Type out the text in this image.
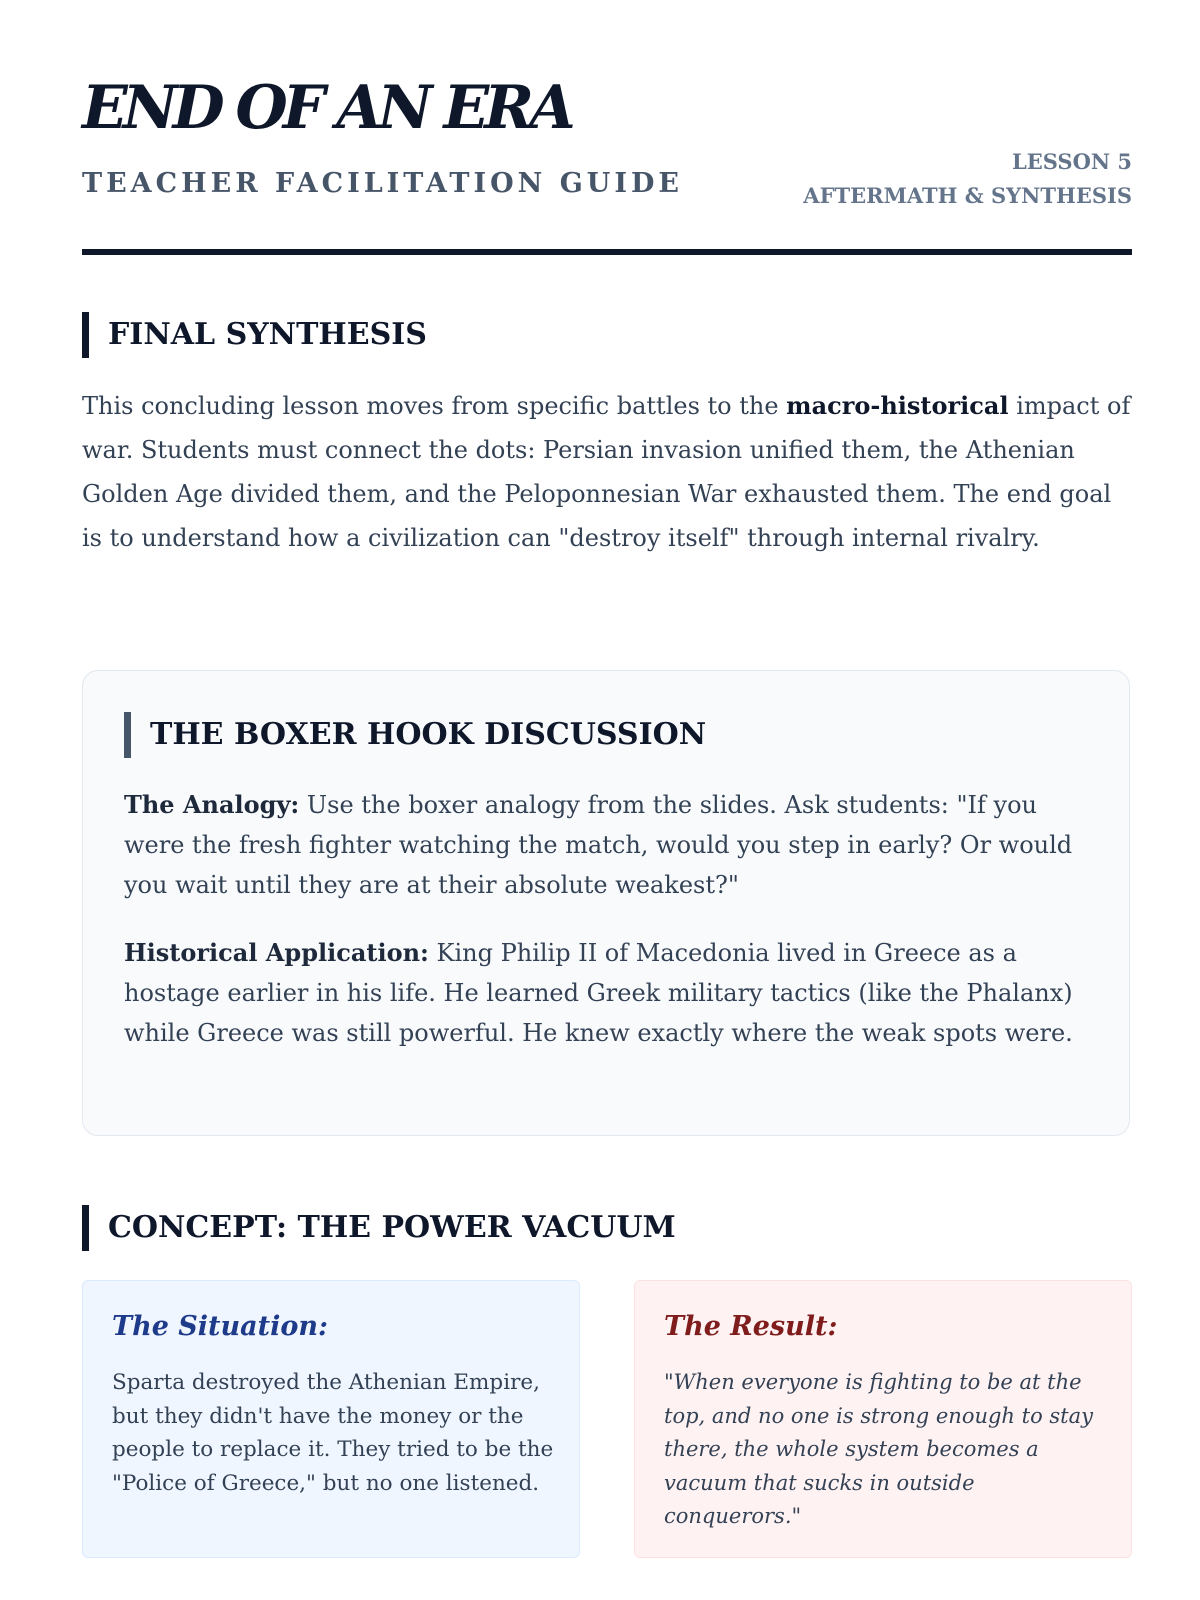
END OF AN ERA
TEACHER FACILITATION GUIDE
LESSON 5
AFTERMATH & SYNTHESIS
FINAL SYNTHESIS

This concluding lesson moves from specific battles to the macro-historical impact of war. Students must connect the dots: Persian invasion unified them, the Athenian Golden Age divided them, and the Peloponnesian War exhausted them. The end goal is to understand how a civilization can "destroy itself" through internal rivalry.

THE BOXER HOOK DISCUSSION

The Analogy: Use the boxer analogy from the slides. Ask students: "If you were the fresh fighter watching the match, would you step in early? Or would you wait until they are at their absolute weakest?"

Historical Application: King Philip II of Macedonia lived in Greece as a hostage earlier in his life. He learned Greek military tactics (like the Phalanx) while Greece was still powerful. He knew exactly where the weak spots were.

CONCEPT: THE POWER VACUUM
The Situation:

Sparta destroyed the Athenian Empire, but they didn't have the money or the people to replace it. They tried to be the "Police of Greece," but no one listened.

The Result:

"When everyone is fighting to be at the top, and no one is strong enough to stay there, the whole system becomes a vacuum that sucks in outside conquerors."
